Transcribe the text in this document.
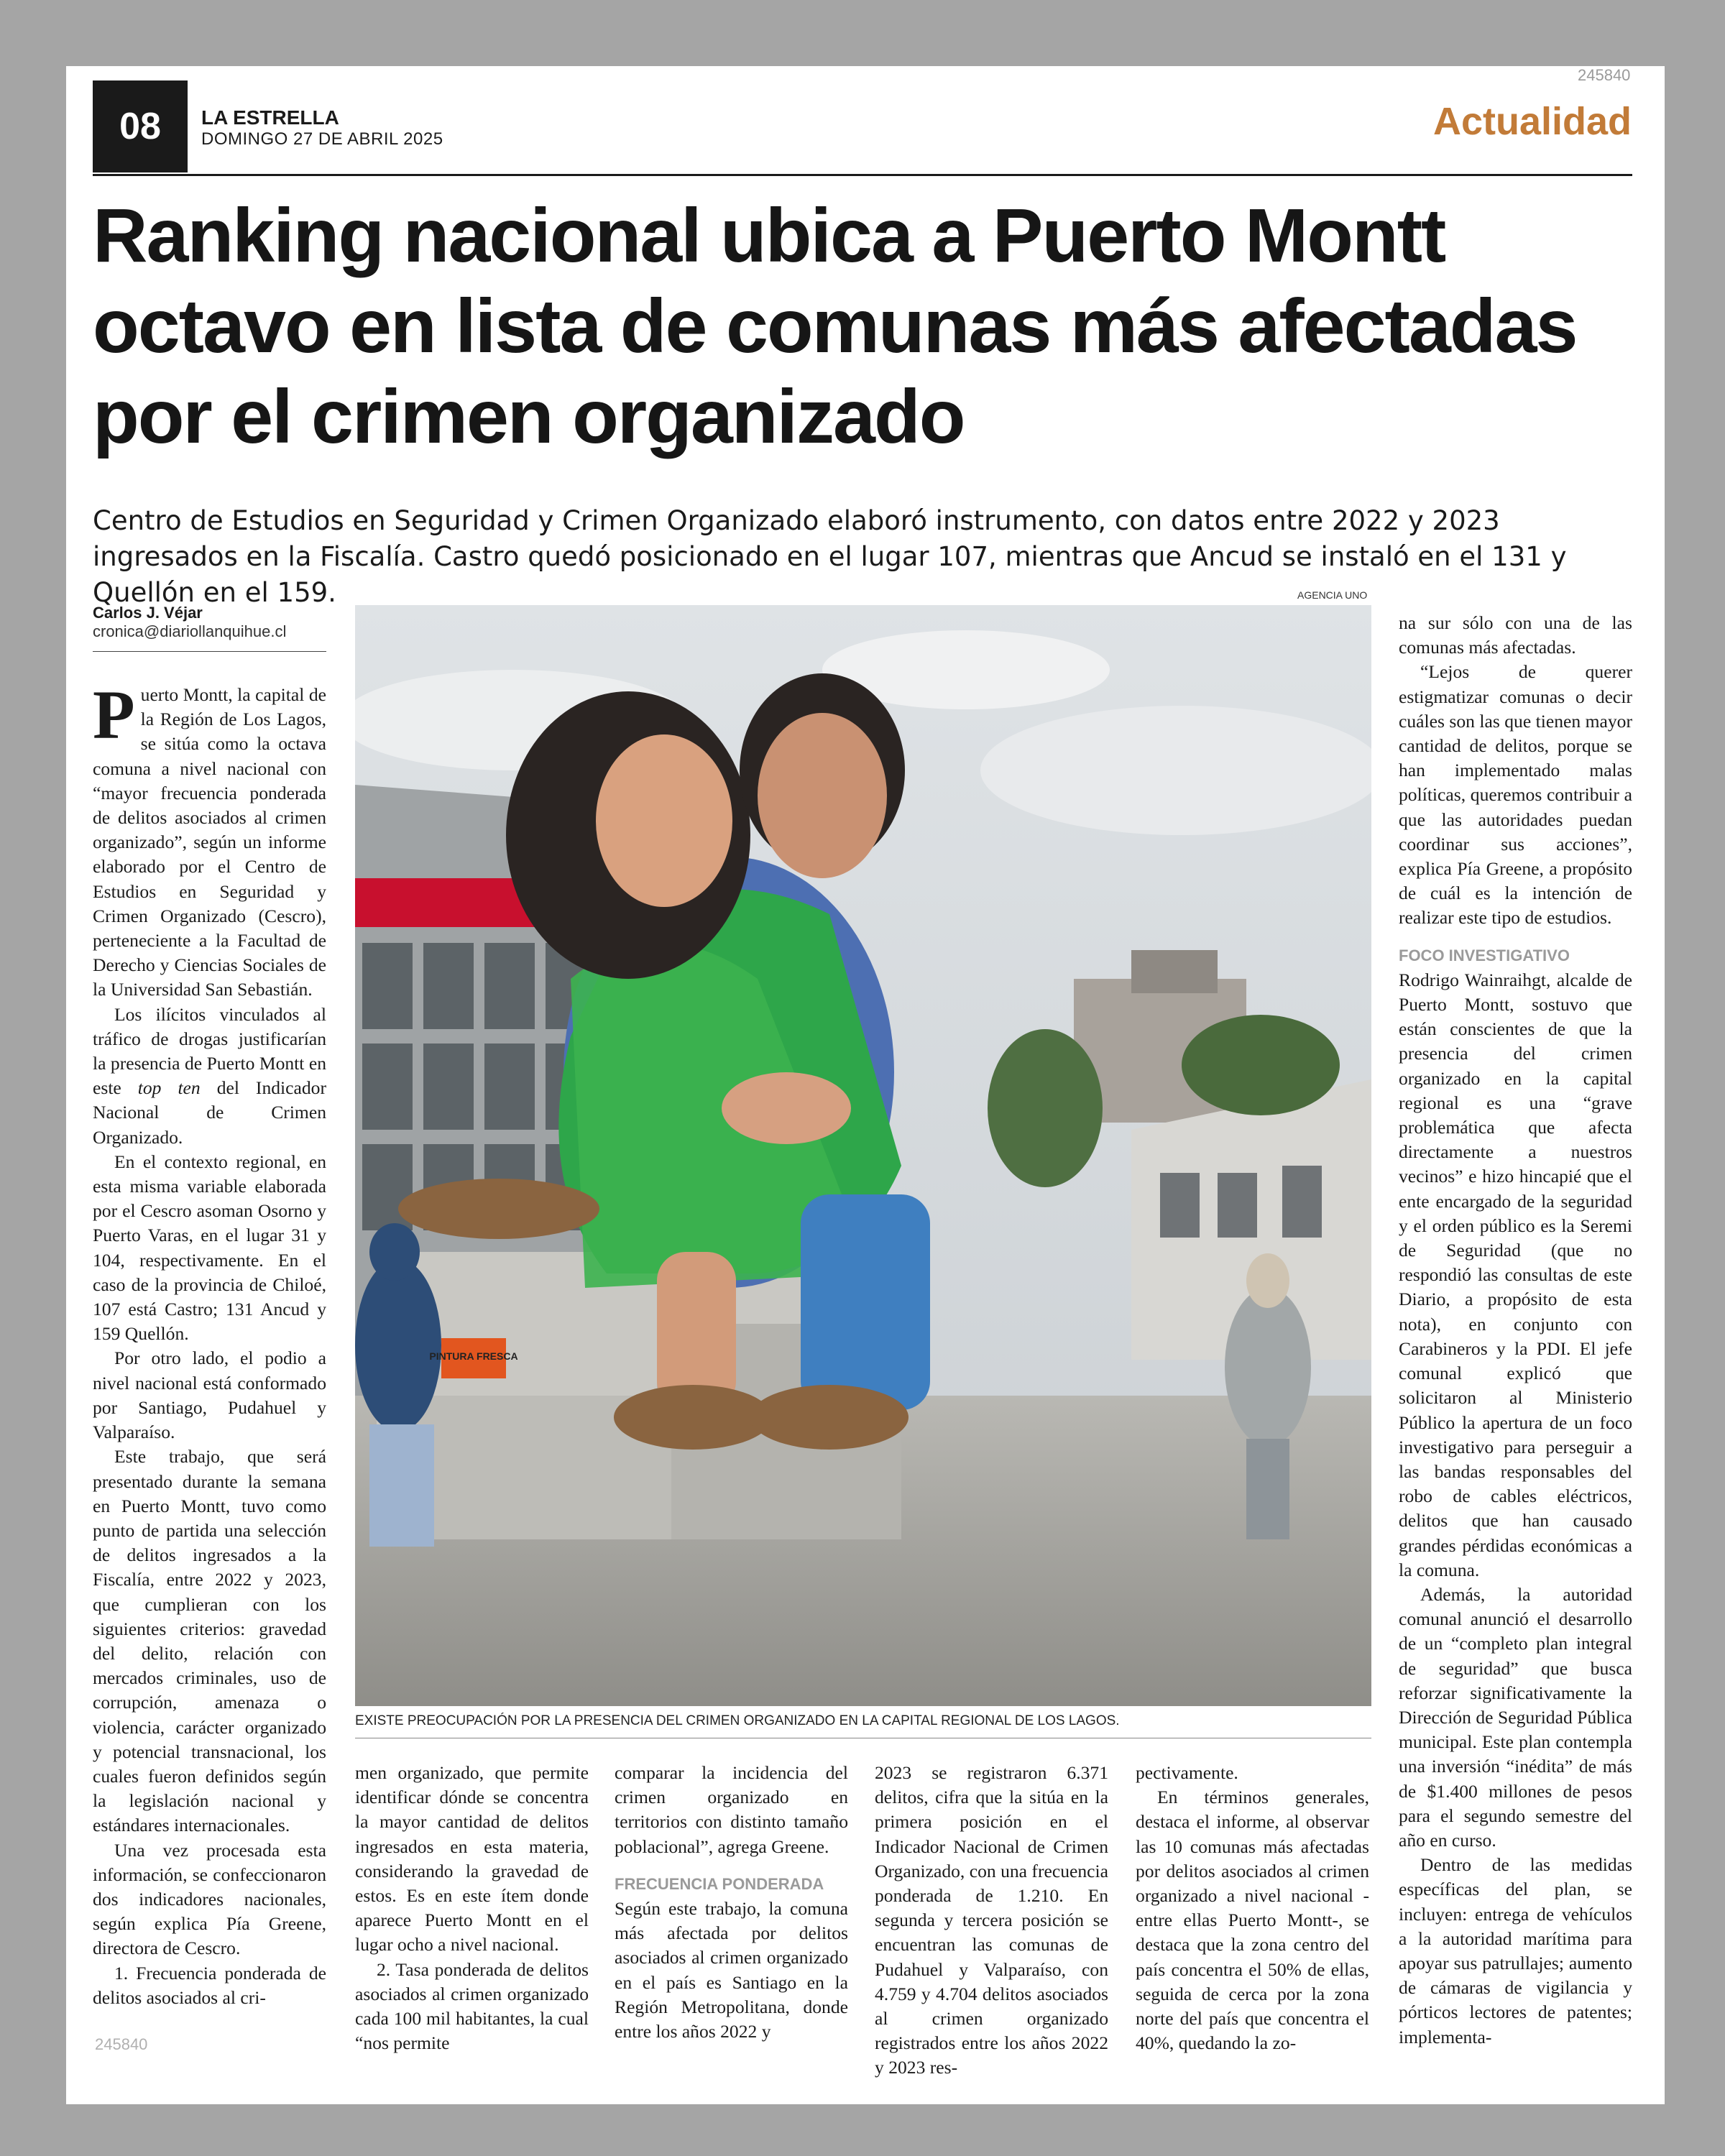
245840
08	LA ESTRELLA
DOMINGO 27 DE ABRIL 2025	Actualidad
Ranking nacional ubica a Puerto Montt octavo en lista de comunas más afectadas por el crimen organizado

Centro de Estudios en Seguridad y Crimen Organizado elaboró instrumento, con datos entre 2022 y 2023 ingresados en la Fiscalía. Castro quedó posicionado en el lugar 107, mientras que Ancud se instaló en el 131 y Quellón en el 159.

Carlos J. Véjar
cronica@diariollanquihue.cl

Puerto Montt, la capital de la Región de Los Lagos, se sitúa como la octava comuna a nivel nacional con “mayor frecuencia ponderada de delitos asociados al crimen organizado”, según un informe elaborado por el Centro de Estudios en Seguridad y Crimen Organizado (Cescro), perteneciente a la Facultad de Derecho y Ciencias Sociales de la Universidad San Sebastián.

Los ilícitos vinculados al tráfico de drogas justificarían la presencia de Puerto Montt en este top ten del Indicador Nacional de Crimen Organizado.

En el contexto regional, en esta misma variable elaborada por el Cescro asoman Osorno y Puerto Varas, en el lugar 31 y 104, respectivamente. En el caso de la provincia de Chiloé, 107 está Castro; 131 Ancud y 159 Quellón.

Por otro lado, el podio a nivel nacional está conformado por Santiago, Pudahuel y Valparaíso.

Este trabajo, que será presentado durante la semana en Puerto Montt, tuvo como punto de partida una selección de delitos ingresados a la Fiscalía, entre 2022 y 2023, que cumplieran con los siguientes criterios: gravedad del delito, relación con mercados criminales, uso de corrupción, amenaza o violencia, carácter organizado y potencial transnacional, los cuales fueron definidos según la legislación nacional y estándares internacionales.

Una vez procesada esta información, se confeccionaron dos indicadores nacionales, según explica Pía Greene, directora de Cescro.

1. Frecuencia ponderada de delitos asociados al cri-

AGENCIA UNO
PINTURA FRESCA
EXISTE PREOCUPACIÓN POR LA PRESENCIA DEL CRIMEN ORGANIZADO EN LA CAPITAL REGIONAL DE LOS LAGOS.

men organizado, que permite identificar dónde se concentra la mayor cantidad de delitos ingresados en esta materia, considerando la gravedad de estos. Es en este ítem donde aparece Puerto Montt en el lugar ocho a nivel nacional.

2. Tasa ponderada de delitos asociados al crimen organizado cada 100 mil habitantes, la cual “nos permite

comparar la incidencia del crimen organizado en territorios con distinto tamaño poblacional”, agrega Greene.

FRECUENCIA PONDERADA

Según este trabajo, la comuna más afectada por delitos asociados al crimen organizado en el país es Santiago en la Región Metropolitana, donde entre los años 2022 y

2023 se registraron 6.371 delitos, cifra que la sitúa en la primera posición en el Indicador Nacional de Crimen Organizado, con una frecuencia ponderada de 1.210. En segunda y tercera posición se encuentran las comunas de Pudahuel y Valparaíso, con 4.759 y 4.704 delitos asociados al crimen organizado registrados entre los años 2022 y 2023 res-

pectivamente.

En términos generales, destaca el informe, al observar las 10 comunas más afectadas por delitos asociados al crimen organizado a nivel nacional -entre ellas Puerto Montt-, se destaca que la zona centro del país concentra el 50% de ellas, seguida de cerca por la zona norte del país que concentra el 40%, quedando la zo-

na sur sólo con una de las comunas más afectadas.

“Lejos de querer estigmatizar comunas o decir cuáles son las que tienen mayor cantidad de delitos, porque se han implementado malas políticas, queremos contribuir a que las autoridades puedan coordinar sus acciones”, explica Pía Greene, a propósito de cuál es la intención de realizar este tipo de estudios.

FOCO INVESTIGATIVO

Rodrigo Wainraihgt, alcalde de Puerto Montt, sostuvo que están conscientes de que la presencia del crimen organizado en la capital regional es una “grave problemática que afecta directamente a nuestros vecinos” e hizo hincapié que el ente encargado de la seguridad y el orden público es la Seremi de Seguridad (que no respondió las consultas de este Diario, a propósito de esta nota), en conjunto con Carabineros y la PDI. El jefe comunal explicó que solicitaron al Ministerio Público la apertura de un foco investigativo para perseguir a las bandas responsables del robo de cables eléctricos, delitos que han causado grandes pérdidas económicas a la comuna.

Además, la autoridad comunal anunció el desarrollo de un “completo plan integral de seguridad” que busca reforzar significativamente la Dirección de Seguridad Pública municipal. Este plan contempla una inversión “inédita” de más de $1.400 millones de pesos para el segundo semestre del año en curso.

Dentro de las medidas específicas del plan, se incluyen: entrega de vehículos a la autoridad marítima para apoyar sus patrullajes; aumento de cámaras de vigilancia y pórticos lectores de patentes; implementa-

245840
